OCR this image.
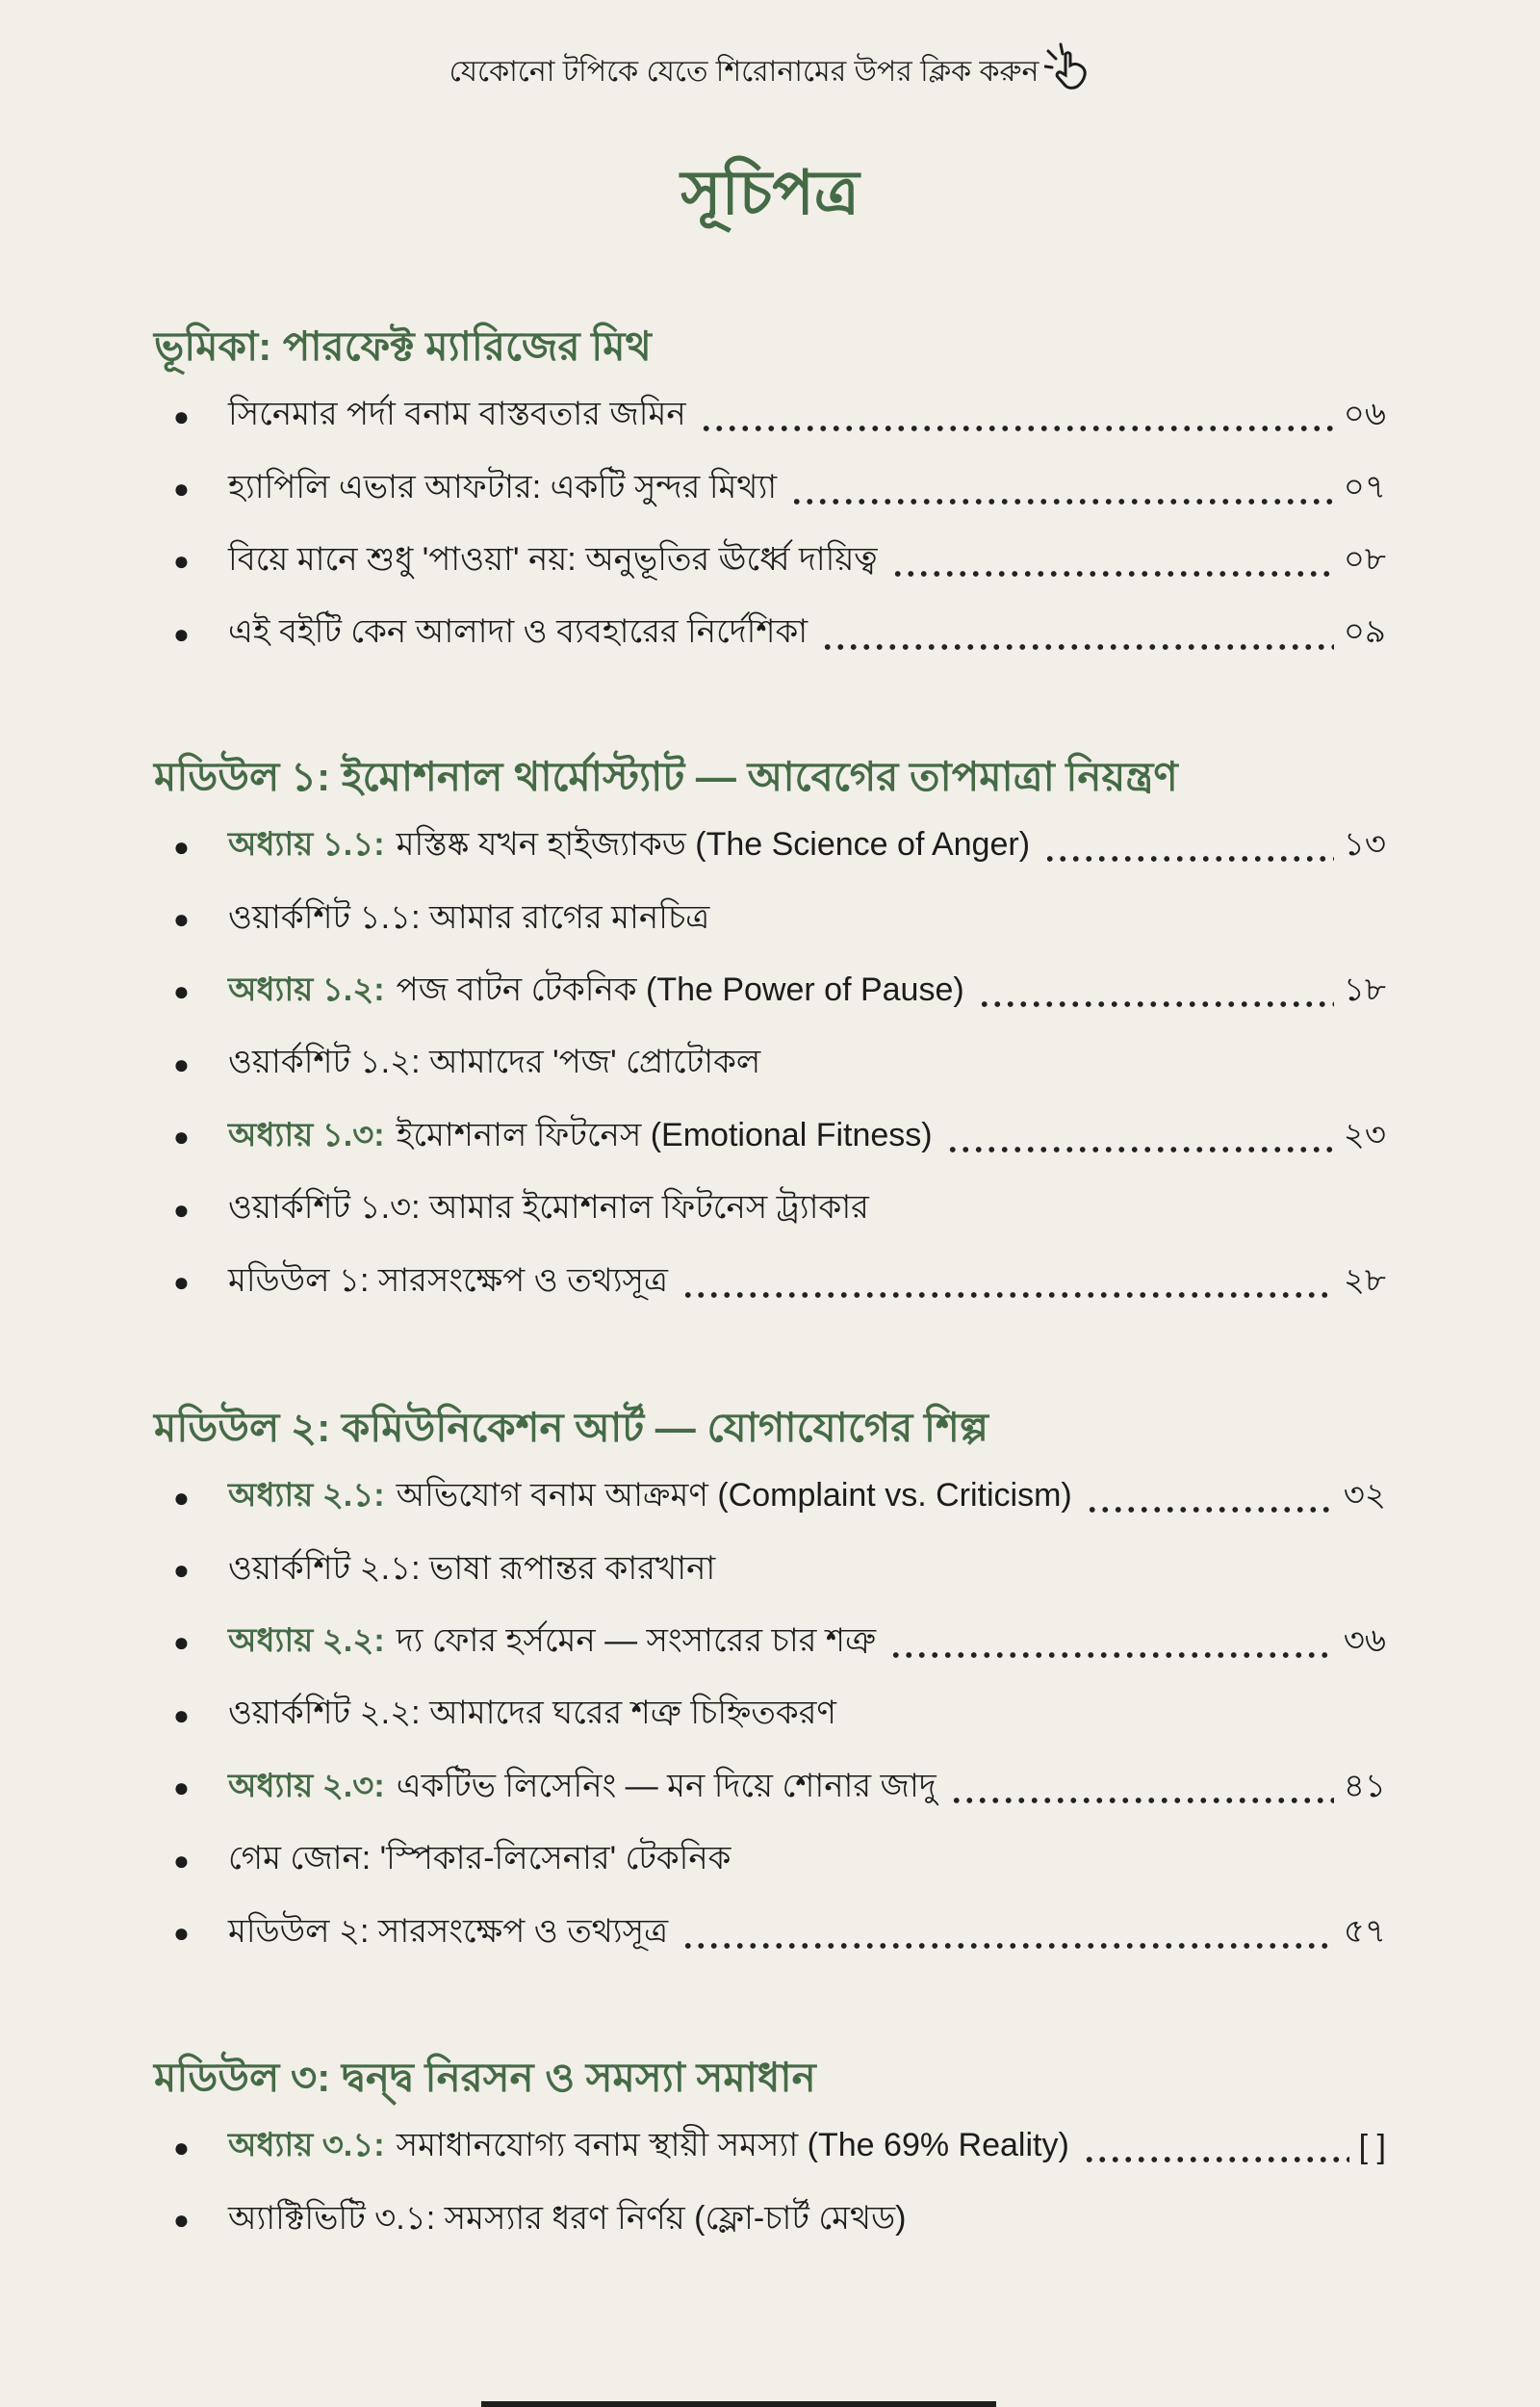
যেকোনো টপিকে যেতে শিরোনামের উপর ক্লিক করুন
সূচিপত্র
ভূমিকা: পারফেক্ট ম্যারিজের মিথ
●	সিনেমার পর্দা বনাম বাস্তবতার জমিন	০৬
●	হ্যাপিলি এভার আফটার: একটি সুন্দর মিথ্যা	০৭
●	বিয়ে মানে শুধু 'পাওয়া' নয়: অনুভূতির ঊর্ধ্বে দায়িত্ব	০৮
●	এই বইটি কেন আলাদা ও ব্যবহারের নির্দেশিকা	০৯
মডিউল ১: ইমোশনাল থার্মোস্ট্যাট — আবেগের তাপমাত্রা নিয়ন্ত্রণ
●	অধ্যায় ১.১: মস্তিষ্ক যখন হাইজ্যাকড (The Science of Anger)	১৩
●	ওয়ার্কশিট ১.১: আমার রাগের মানচিত্র
●	অধ্যায় ১.২: পজ বাটন টেকনিক (The Power of Pause)	১৮
●	ওয়ার্কশিট ১.২: আমাদের 'পজ' প্রোটোকল
●	অধ্যায় ১.৩: ইমোশনাল ফিটনেস (Emotional Fitness)	২৩
●	ওয়ার্কশিট ১.৩: আমার ইমোশনাল ফিটনেস ট্র্যাকার
●	মডিউল ১: সারসংক্ষেপ ও তথ্যসূত্র	২৮
মডিউল ২: কমিউনিকেশন আর্ট — যোগাযোগের শিল্প
●	অধ্যায় ২.১: অভিযোগ বনাম আক্রমণ (Complaint vs. Criticism)	৩২
●	ওয়ার্কশিট ২.১: ভাষা রূপান্তর কারখানা
●	অধ্যায় ২.২: দ্য ফোর হর্সমেন — সংসারের চার শত্রু	৩৬
●	ওয়ার্কশিট ২.২: আমাদের ঘরের শত্রু চিহ্নিতকরণ
●	অধ্যায় ২.৩: একটিভ লিসেনিং — মন দিয়ে শোনার জাদু	৪১
●	গেম জোন: 'স্পিকার-লিসেনার' টেকনিক
●	মডিউল ২: সারসংক্ষেপ ও তথ্যসূত্র	৫৭
মডিউল ৩: দ্বন্দ্ব নিরসন ও সমস্যা সমাধান
●	অধ্যায় ৩.১: সমাধানযোগ্য বনাম স্থায়ী সমস্যা (The 69% Reality)	[ ]
●	অ্যাক্টিভিটি ৩.১: সমস্যার ধরণ নির্ণয় (ফ্লো-চার্ট মেথড)
